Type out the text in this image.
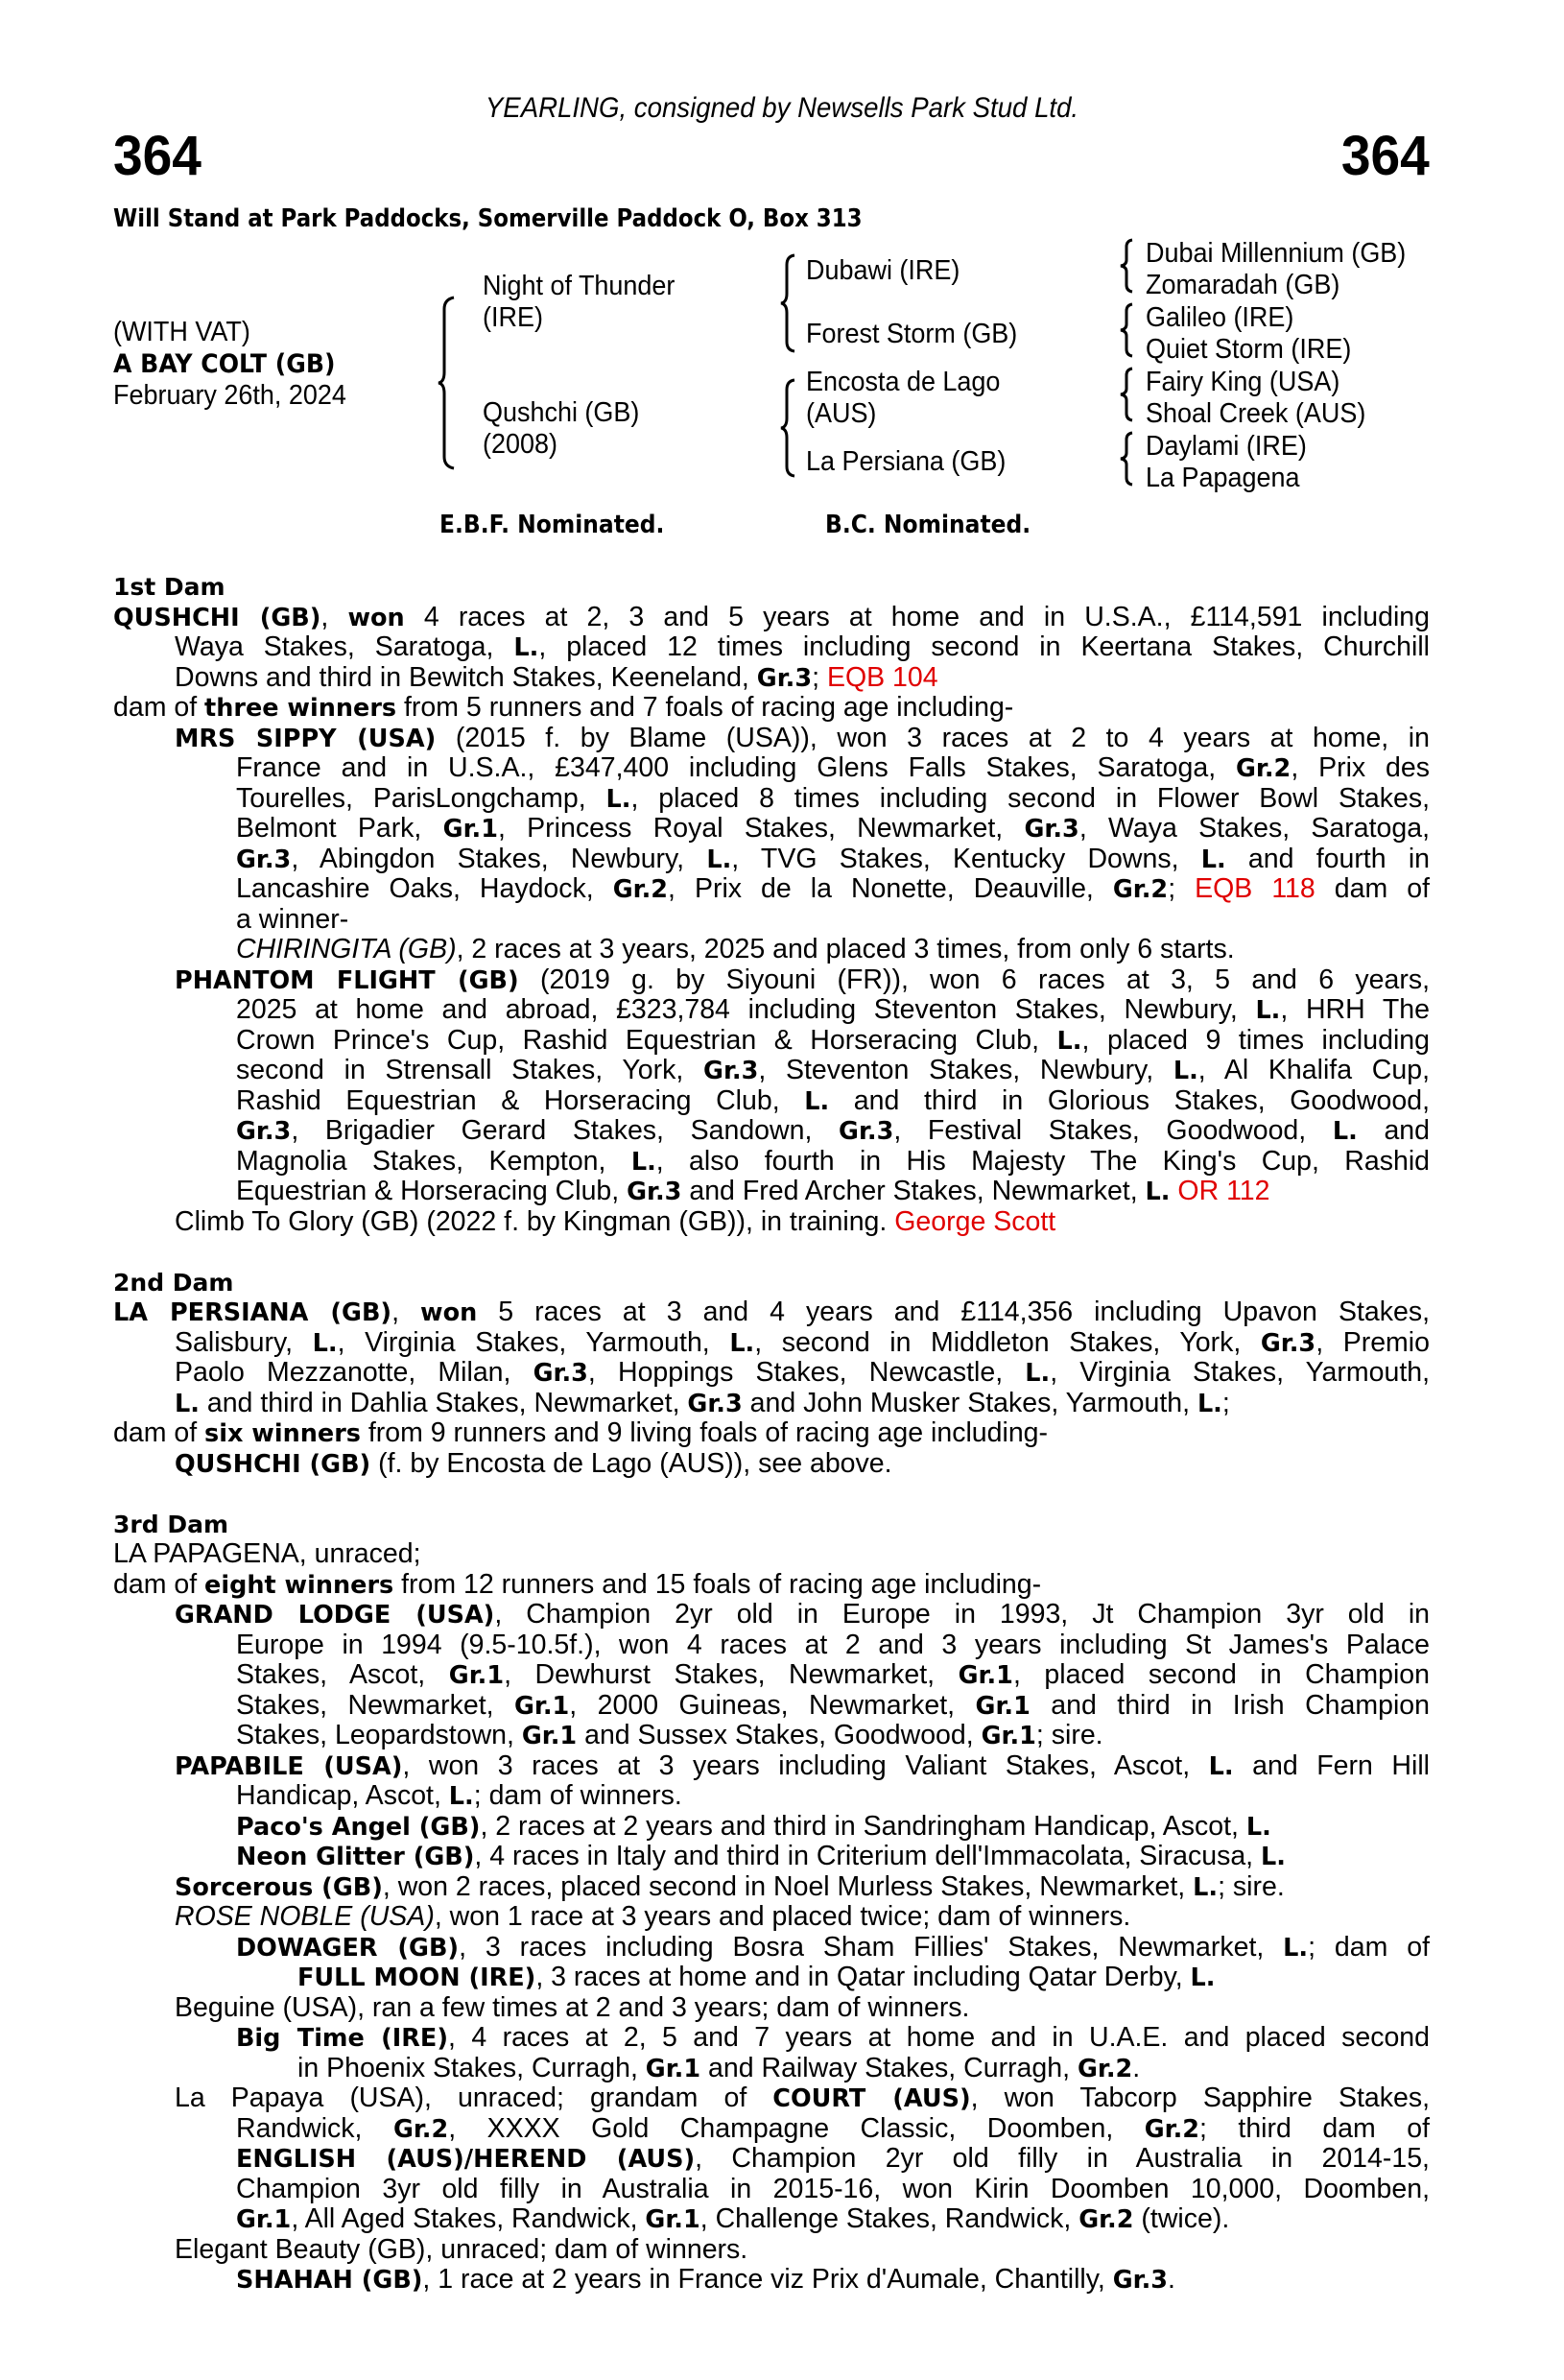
YEARLING, consigned by Newsells Park Stud Ltd.
364	364
Will Stand at Park Paddocks, Somerville Paddock O, Box 313
(WITH VAT)
A BAY COLT (GB)
February 26th, 2024
Night of Thunder
(IRE)
Qushchi (GB)
(2008)
Dubawi (IRE)
Forest Storm (GB)
Encosta de Lago
(AUS)
La Persiana (GB)
Dubai Millennium (GB)
Zomaradah (GB)
Galileo (IRE)
Quiet Storm (IRE)
Fairy King (USA)
Shoal Creek (AUS)
Daylami (IRE)
La Papagena
E.B.F. Nominated.	B.C. Nominated.
1st Dam
QUSHCHI (GB), won 4 races at 2, 3 and 5 years at home and in U.S.A., £114,591 including
Waya Stakes, Saratoga, L., placed 12 times including second in Keertana Stakes, Churchill
Downs and third in Bewitch Stakes, Keeneland, Gr.3; EQB 104
dam of three winners from 5 runners and 7 foals of racing age including-
MRS SIPPY (USA) (2015 f. by Blame (USA)), won 3 races at 2 to 4 years at home, in
France and in U.S.A., £347,400 including Glens Falls Stakes, Saratoga, Gr.2, Prix des
Tourelles, ParisLongchamp, L., placed 8 times including second in Flower Bowl Stakes,
Belmont Park, Gr.1, Princess Royal Stakes, Newmarket, Gr.3, Waya Stakes, Saratoga,
Gr.3, Abingdon Stakes, Newbury, L., TVG Stakes, Kentucky Downs, L. and fourth in
Lancashire Oaks, Haydock, Gr.2, Prix de la Nonette, Deauville, Gr.2; EQB 118 dam of
a winner-
CHIRINGITA (GB), 2 races at 3 years, 2025 and placed 3 times, from only 6 starts.
PHANTOM FLIGHT (GB) (2019 g. by Siyouni (FR)), won 6 races at 3, 5 and 6 years,
2025 at home and abroad, £323,784 including Steventon Stakes, Newbury, L., HRH The
Crown Prince's Cup, Rashid Equestrian & Horseracing Club, L., placed 9 times including
second in Strensall Stakes, York, Gr.3, Steventon Stakes, Newbury, L., Al Khalifa Cup,
Rashid Equestrian & Horseracing Club, L. and third in Glorious Stakes, Goodwood,
Gr.3, Brigadier Gerard Stakes, Sandown, Gr.3, Festival Stakes, Goodwood, L. and
Magnolia Stakes, Kempton, L., also fourth in His Majesty The King's Cup, Rashid
Equestrian & Horseracing Club, Gr.3 and Fred Archer Stakes, Newmarket, L. OR 112
Climb To Glory (GB) (2022 f. by Kingman (GB)), in training. George Scott
2nd Dam
LA PERSIANA (GB), won 5 races at 3 and 4 years and £114,356 including Upavon Stakes,
Salisbury, L., Virginia Stakes, Yarmouth, L., second in Middleton Stakes, York, Gr.3, Premio
Paolo Mezzanotte, Milan, Gr.3, Hoppings Stakes, Newcastle, L., Virginia Stakes, Yarmouth,
L. and third in Dahlia Stakes, Newmarket, Gr.3 and John Musker Stakes, Yarmouth, L.;
dam of six winners from 9 runners and 9 living foals of racing age including-
QUSHCHI (GB) (f. by Encosta de Lago (AUS)), see above.
3rd Dam
LA PAPAGENA, unraced;
dam of eight winners from 12 runners and 15 foals of racing age including-
GRAND LODGE (USA), Champion 2yr old in Europe in 1993, Jt Champion 3yr old in
Europe in 1994 (9.5-10.5f.), won 4 races at 2 and 3 years including St James's Palace
Stakes, Ascot, Gr.1, Dewhurst Stakes, Newmarket, Gr.1, placed second in Champion
Stakes, Newmarket, Gr.1, 2000 Guineas, Newmarket, Gr.1 and third in Irish Champion
Stakes, Leopardstown, Gr.1 and Sussex Stakes, Goodwood, Gr.1; sire.
PAPABILE (USA), won 3 races at 3 years including Valiant Stakes, Ascot, L. and Fern Hill
Handicap, Ascot, L.; dam of winners.
Paco's Angel (GB), 2 races at 2 years and third in Sandringham Handicap, Ascot, L.
Neon Glitter (GB), 4 races in Italy and third in Criterium dell'Immacolata, Siracusa, L.
Sorcerous (GB), won 2 races, placed second in Noel Murless Stakes, Newmarket, L.; sire.
ROSE NOBLE (USA), won 1 race at 3 years and placed twice; dam of winners.
DOWAGER (GB), 3 races including Bosra Sham Fillies' Stakes, Newmarket, L.; dam of
FULL MOON (IRE), 3 races at home and in Qatar including Qatar Derby, L.
Beguine (USA), ran a few times at 2 and 3 years; dam of winners.
Big Time (IRE), 4 races at 2, 5 and 7 years at home and in U.A.E. and placed second
in Phoenix Stakes, Curragh, Gr.1 and Railway Stakes, Curragh, Gr.2.
La Papaya (USA), unraced; grandam of COURT (AUS), won Tabcorp Sapphire Stakes,
Randwick, Gr.2, XXXX Gold Champagne Classic, Doomben, Gr.2; third dam of
ENGLISH (AUS)/HEREND (AUS), Champion 2yr old filly in Australia in 2014-15,
Champion 3yr old filly in Australia in 2015-16, won Kirin Doomben 10,000, Doomben,
Gr.1, All Aged Stakes, Randwick, Gr.1, Challenge Stakes, Randwick, Gr.2 (twice).
Elegant Beauty (GB), unraced; dam of winners.
SHAHAH (GB), 1 race at 2 years in France viz Prix d'Aumale, Chantilly, Gr.3.
